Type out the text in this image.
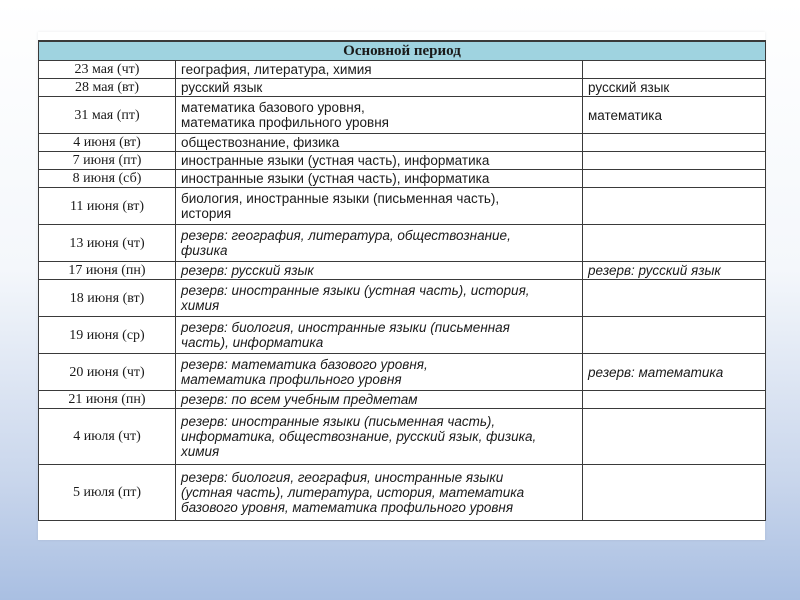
Основной период		
23 мая (чт)	география, литература, химия	

28 мая (вт)	русский язык	русский язык
31 мая (пт)	математика базового уровня,
математика профильного уровня	математика
4 июня (вт)	обществознание, физика	

7 июня (пт)	иностранные языки (устная часть), информатика	

8 июня (сб)	иностранные языки (устная часть), информатика	

11 июня (вт)	биология, иностранные языки (письменная часть),
история	

13 июня (чт)	резерв: география, литература, обществознание,
физика	

17 июня (пн)	резерв: русский язык	резерв: русский язык
18 июня (вт)	резерв: иностранные языки (устная часть), история,
химия	

19 июня (ср)	резерв: биология, иностранные языки (письменная
часть), информатика	

20 июня (чт)	резерв: математика базового уровня,
математика профильного уровня	резерв: математика
21 июня (пн)	резерв: по всем учебным предметам	

4 июля (чт)	резерв: иностранные языки (письменная часть),
информатика, обществознание, русский язык, физика,
химия	

5 июля (пт)	резерв: биология, география, иностранные языки
(устная часть), литература, история, математика
базового уровня, математика профильного уровня	
